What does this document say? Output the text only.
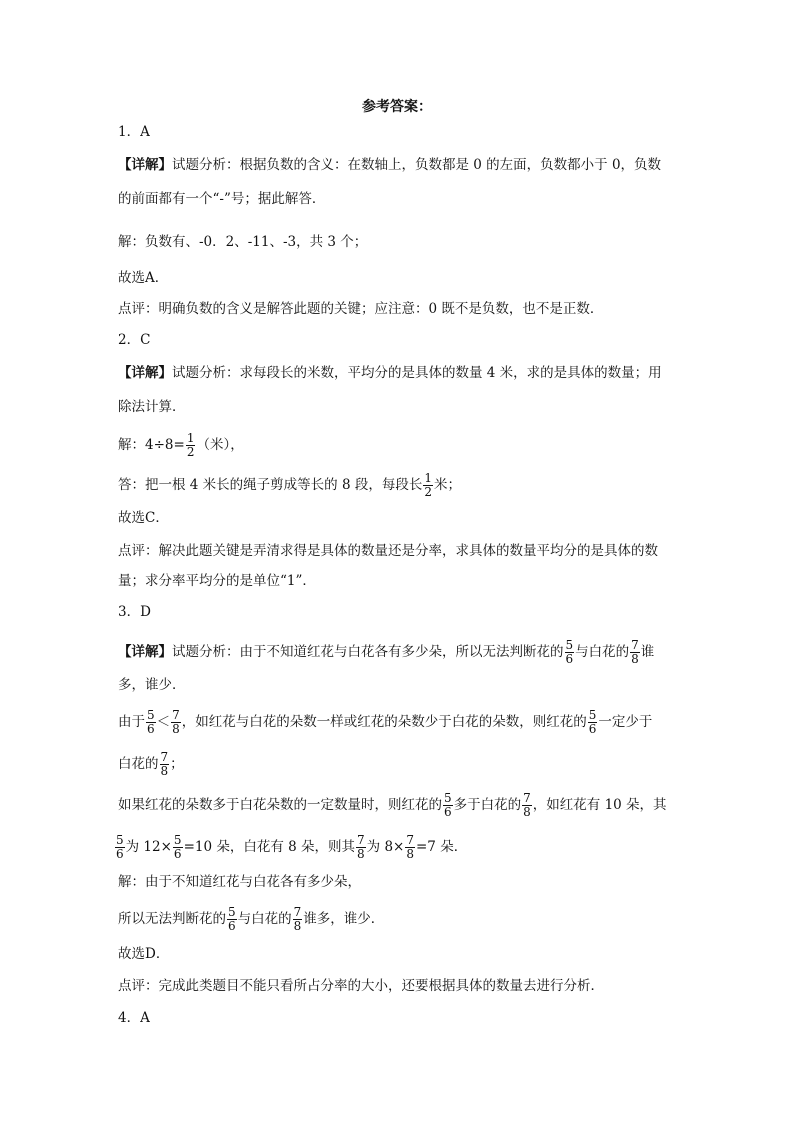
参考答案：
1．A
【详解】试题分析：根据负数的含义：在数轴上，负数都是 0 的左面，负数都小于 0，负数
的前面都有一个“-”号；据此解答．
解：负数有、-0．2、-11、-3，共 3 个；
故选A．
点评：明确负数的含义是解答此题的关键；应注意：0 既不是负数，也不是正数．
2．C
【详解】试题分析：求每段长的米数，平均分的是具体的数量 4 米，求的是具体的数量；用
除法计算．
解：$4\div 8= \frac{1}{2}$ （米），
答：把一根 4 米长的绳子剪成等长的 8 段，每段长 $\frac{1}{2}$ 米；
故选C．
点评：解决此题关键是弄清求得是具体的数量还是分率，求具体的数量平均分的是具体的数
量；求分率平均分的是单位“1”．
3．D
【详解】试题分析：由于不知道红花与白花各有多少朵，所以无法判断花的 $\frac{5}{6}$ 与白花的 $\frac{7}{8}$ 谁
多，谁少．
由于 $\frac{5}{6} < \frac{7}{8}$ ，如红花与白花的朵数一样或红花的朵数少于白花的朵数，则红花的 $\frac{5}{6}$ 一定少于
白花的 $\frac{7}{8}$ ；
如果红花的朵数多于白花朵数的一定数量时，则红花的 $\frac{5}{6}$ 多于白花的 $\frac{7}{8}$ ，如红花有 10 朵，其
$\frac{5}{6}$ 为 $12\times \frac{5}{6} =10$ 朵，白花有 8 朵，则其 $\frac{7}{8}$ 为 $8\times \frac{7}{8} =7$ 朵．
解：由于不知道红花与白花各有多少朵，
所以无法判断花的 $\frac{5}{6}$ 与白花的 $\frac{7}{8}$ 谁多，谁少．
故选D．
点评：完成此类题目不能只看所占分率的大小，还要根据具体的数量去进行分析．
4．A
